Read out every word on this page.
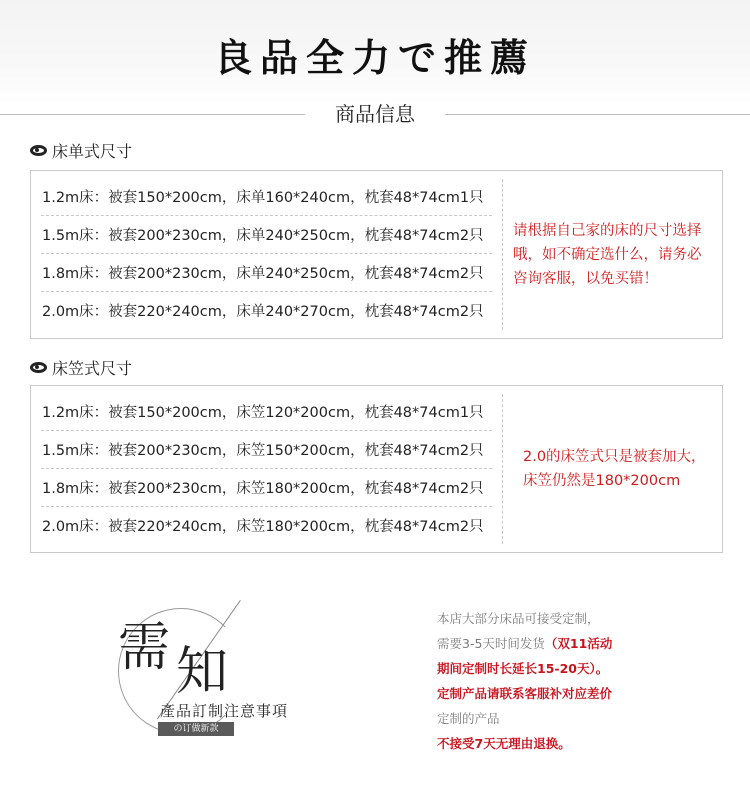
良品全力で推薦
商品信息
床单式尺寸
1.2m床：被套150*200cm，床单160*240cm，枕套48*74cm1只
1.5m床：被套200*230cm，床单240*250cm，枕套48*74cm2只
1.8m床：被套200*230cm，床单240*250cm，枕套48*74cm2只
2.0m床：被套220*240cm，床单240*270cm，枕套48*74cm2只
请根据自己家的床的尺寸选择哦，如不确定选什么，请务必咨询客服，以免买错！
床笠式尺寸
1.2m床：被套150*200cm，床笠120*200cm，枕套48*74cm1只
1.5m床：被套200*230cm，床笠150*200cm，枕套48*74cm2只
1.8m床：被套200*230cm，床笠180*200cm，枕套48*74cm2只
2.0m床：被套220*240cm，床笠180*200cm，枕套48*74cm2只
2.0的床笠式只是被套加大，床笠仍然是180*200cm
需 知
產品訂制注意事項
の订做新款
本店大部分床品可接受定制，
需要3-5天时间发货（双11活动
期间定制时长延长15-20天）。
定制产品请联系客服补对应差价
定制的产品
不接受7天无理由退换。
